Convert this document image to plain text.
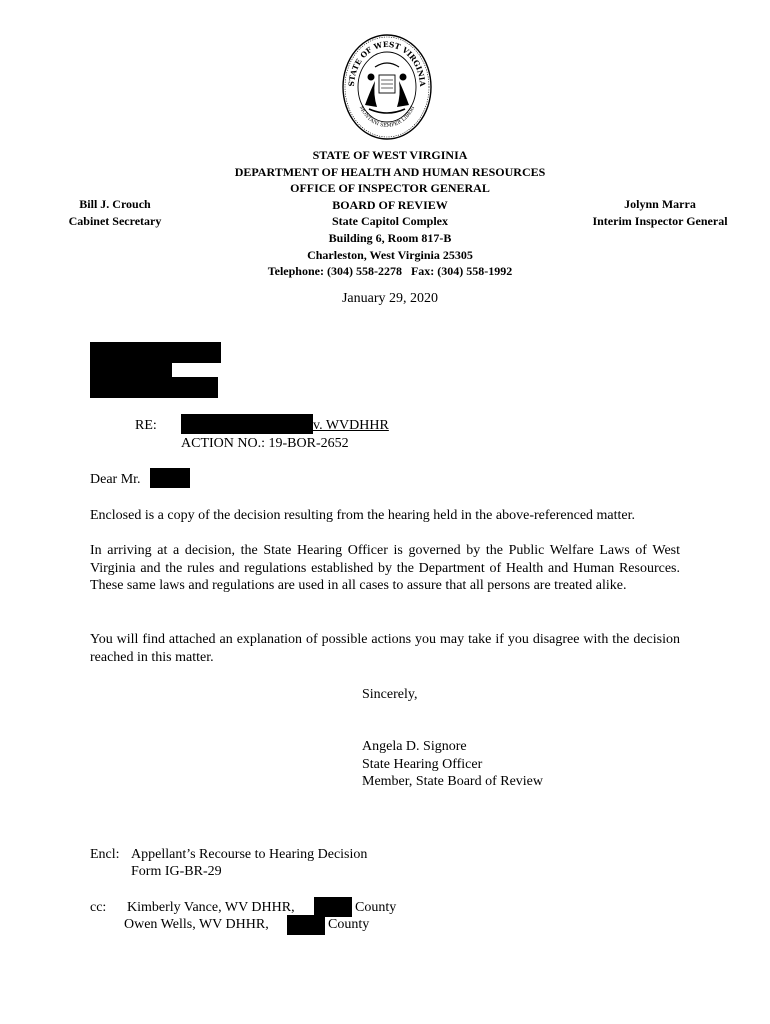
STATE OF WEST VIRGINIA
MONTANI SEMPER LIBERI
STATE OF WEST VIRGINIA
DEPARTMENT OF HEALTH AND HUMAN RESOURCES
OFFICE OF INSPECTOR GENERAL
BOARD OF REVIEW
State Capitol Complex
Building 6, Room 817-B
Charleston, West Virginia 25305
Telephone: (304) 558-2278   Fax: (304) 558-1992
Bill J. Crouch
Cabinet Secretary
Jolynn Marra
Interim Inspector General
January 29, 2020
RE:	v. WVDHHR
ACTION NO.: 19-BOR-2652
Dear Mr.
Enclosed is a copy of the decision resulting from the hearing held in the above-referenced matter.
In arriving at a decision, the State Hearing Officer is governed by the Public Welfare Laws of West Virginia and the rules and regulations established by the Department of Health and Human Resources. These same laws and regulations are used in all cases to assure that all persons are treated alike.
You will find attached an explanation of possible actions you may take if you disagree with the decision reached in this matter.
Sincerely,
Angela D. Signore
State Hearing Officer
Member, State Board of Review
Encl: Appellant’s Recourse to Hearing Decision
Form IG-BR-29
cc: Kimberly Vance, WV DHHR,	County
Owen Wells, WV DHHR,	County
